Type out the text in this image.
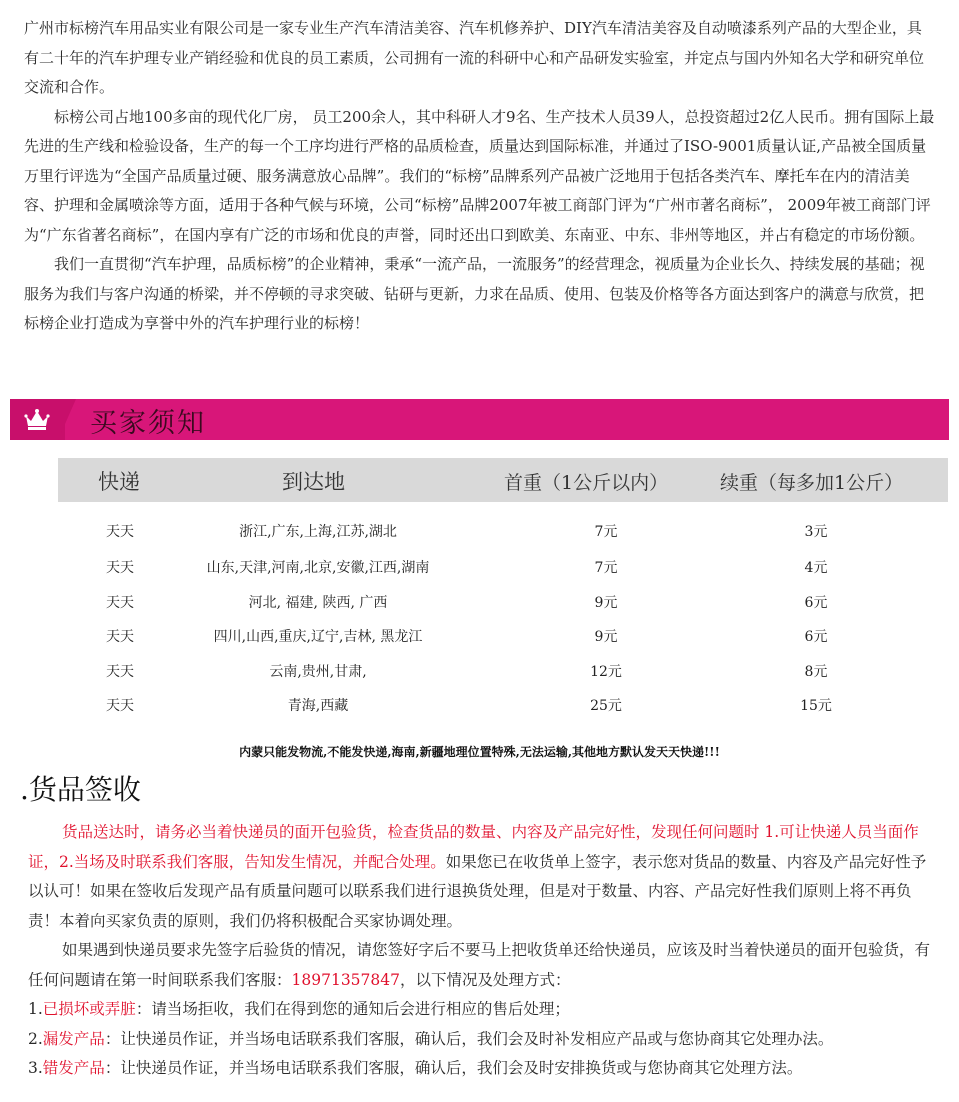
广州市标榜汽车用品实业有限公司是一家专业生产汽车清洁美容、汽车机修养护、DIY汽车清洁美容及自动喷漆系列产品的大型企业，具有二十年的汽车护理专业产销经验和优良的员工素质，公司拥有一流的科研中心和产品研发实验室，并定点与国内外知名大学和研究单位交流和合作。

标榜公司占地100多亩的现代化厂房， 员工200余人，其中科研人才9名、生产技术人员39人，总投资超过2亿人民币。拥有国际上最先进的生产线和检验设备，生产的每一个工序均进行严格的品质检查，质量达到国际标准，并通过了ISO-9001质量认证,产品被全国质量万里行评选为“全国产品质量过硬、服务满意放心品牌”。我们的“标榜”品牌系列产品被广泛地用于包括各类汽车、摩托车在内的清洁美容、护理和金属喷涂等方面，适用于各种气候与环境，公司“标榜”品牌2007年被工商部门评为“广州市著名商标”， 2009年被工商部门评为“广东省著名商标”，在国内享有广泛的市场和优良的声誉，同时还出口到欧美、东南亚、中东、非州等地区，并占有稳定的市场份额。

我们一直贯彻“汽车护理，品质标榜”的企业精神，秉承“一流产品，一流服务”的经营理念，视质量为企业长久、持续发展的基础；视服务为我们与客户沟通的桥梁，并不停顿的寻求突破、钻研与更新，力求在品质、使用、包装及价格等各方面达到客户的满意与欣赏，把标榜企业打造成为享誉中外的汽车护理行业的标榜！

买家须知
快递	到达地	首重（1公斤以内）	续重（每多加1公斤）
天天	浙江,广东,上海,江苏,湖北	7元	3元
天天	山东,天津,河南,北京,安徽,江西,湖南	7元	4元
天天	河北, 福建, 陕西, 广西	9元	6元
天天	四川,山西,重庆,辽宁,吉林, 黑龙江	9元	6元
天天	云南,贵州,甘肃,	12元	8元
天天	青海,西藏	25元	15元
内蒙只能发物流,不能发快递,海南,新疆地理位置特殊,无法运输,其他地方默认发天天快递!!!
.货品签收

货品送达时，请务必当着快递员的面开包验货，检查货品的数量、内容及产品完好性，发现任何问题时 1.可让快递人员当面作证，2.当场及时联系我们客服，告知发生情况，并配合处理。如果您已在收货单上签字，表示您对货品的数量、内容及产品完好性予以认可！如果在签收后发现产品有质量问题可以联系我们进行退换货处理，但是对于数量、内容、产品完好性我们原则上将不再负责！本着向买家负责的原则，我们仍将积极配合买家协调处理。

如果遇到快递员要求先签字后验货的情况，请您签好字后不要马上把收货单还给快递员，应该及时当着快递员的面开包验货，有任何问题请在第一时间联系我们客服：18971357847，以下情况及处理方式：

1.已损坏或弄脏：请当场拒收，我们在得到您的通知后会进行相应的售后处理；

2.漏发产品：让快递员作证，并当场电话联系我们客服，确认后，我们会及时补发相应产品或与您协商其它处理办法。

3.错发产品：让快递员作证，并当场电话联系我们客服，确认后，我们会及时安排换货或与您协商其它处理方法。
